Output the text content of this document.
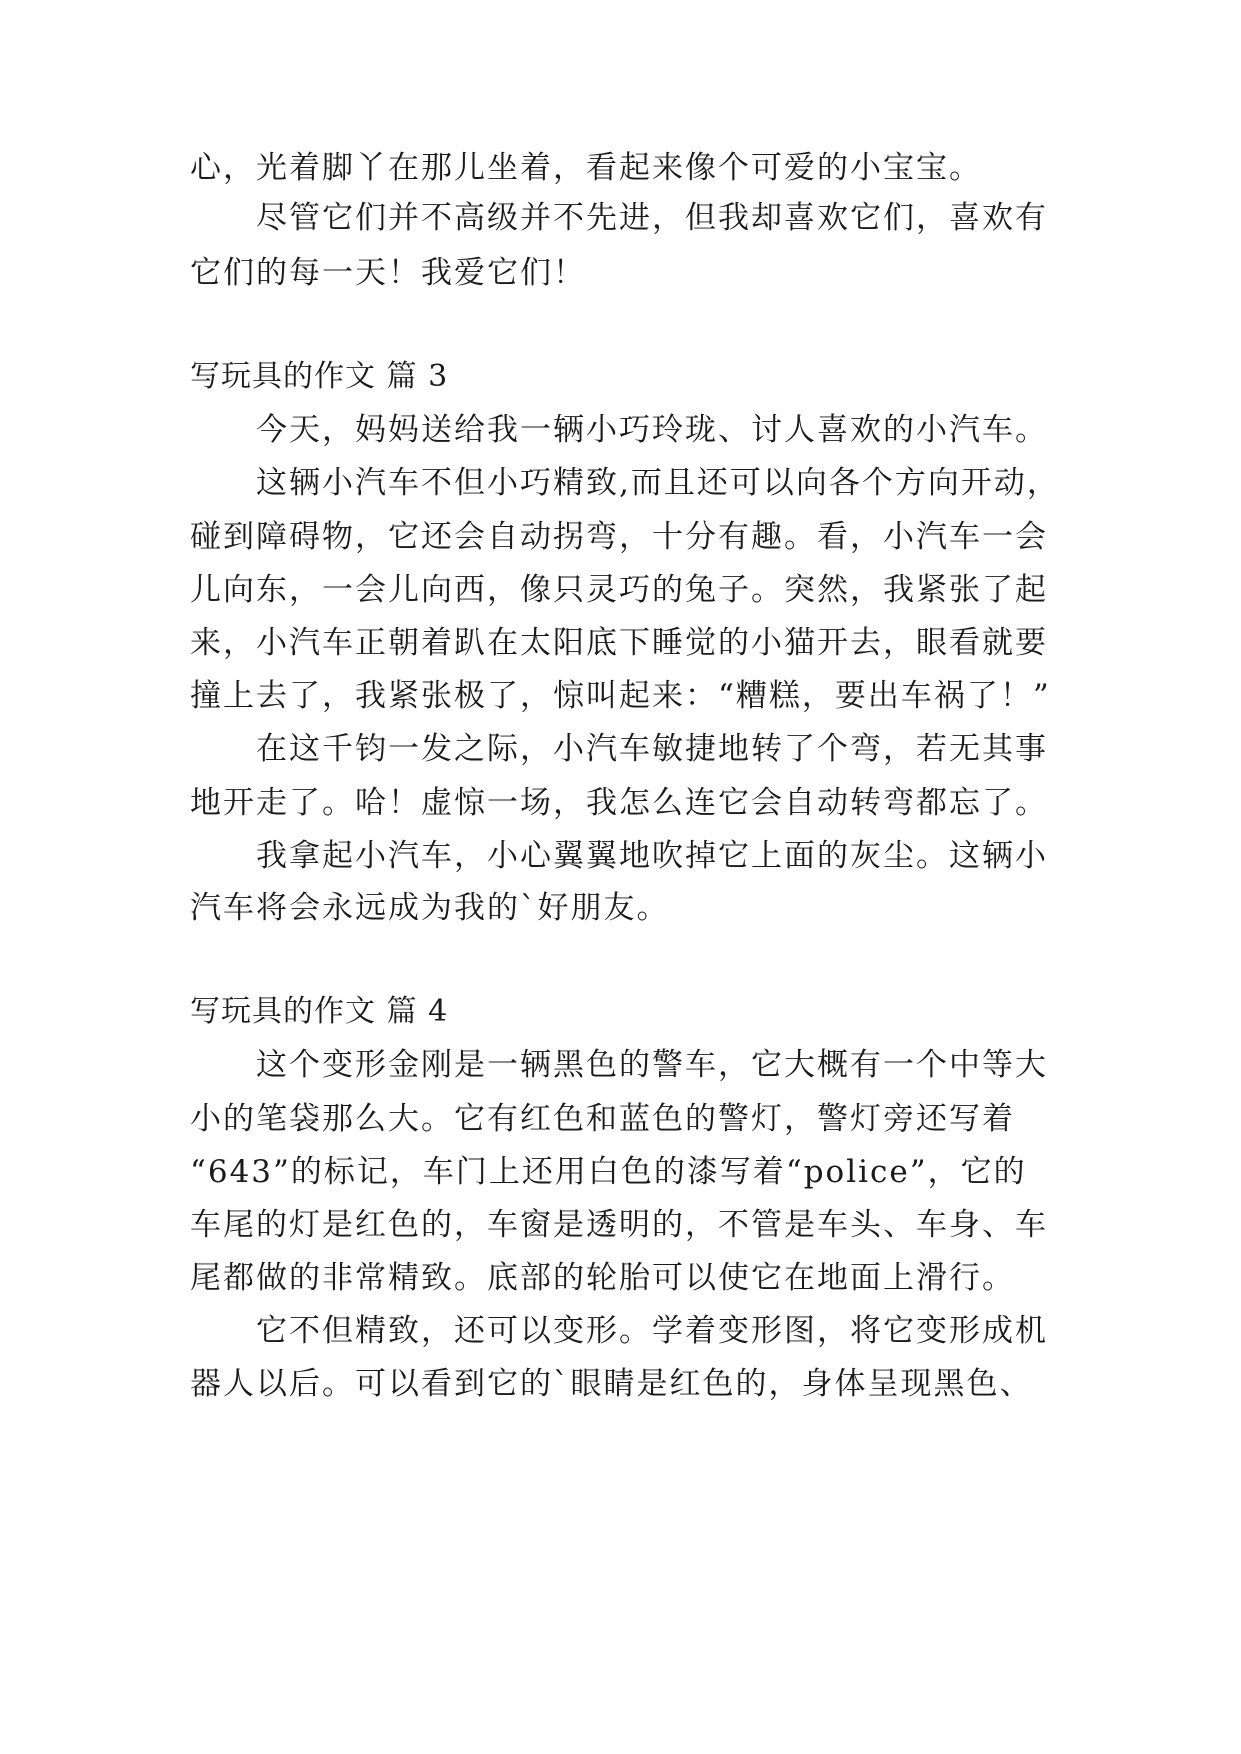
心，光着脚丫在那儿坐着，看起来像个可爱的小宝宝。
尽管它们并不高级并不先进，但我却喜欢它们，喜欢有
它们的每一天！我爱它们！
写玩具的作文 篇 3
今天，妈妈送给我一辆小巧玲珑、讨人喜欢的小汽车。
这辆小汽车不但小巧精致,而且还可以向各个方向开动，
碰到障碍物，它还会自动拐弯，十分有趣。看，小汽车一会
儿向东，一会儿向西，像只灵巧的兔子。突然，我紧张了起
来，小汽车正朝着趴在太阳底下睡觉的小猫开去，眼看就要
撞上去了，我紧张极了，惊叫起来：“糟糕，要出车祸了！”
在这千钧一发之际，小汽车敏捷地转了个弯，若无其事
地开走了。哈！虚惊一场，我怎么连它会自动转弯都忘了。
我拿起小汽车，小心翼翼地吹掉它上面的灰尘。这辆小
汽车将会永远成为我的`好朋友。
写玩具的作文 篇 4
这个变形金刚是一辆黑色的警车，它大概有一个中等大
小的笔袋那么大。它有红色和蓝色的警灯，警灯旁还写着
“643”的标记，车门上还用白色的漆写着“police”，它的
车尾的灯是红色的，车窗是透明的，不管是车头、车身、车
尾都做的非常精致。底部的轮胎可以使它在地面上滑行。
它不但精致，还可以变形。学着变形图，将它变形成机
器人以后。可以看到它的`眼睛是红色的，身体呈现黑色、
